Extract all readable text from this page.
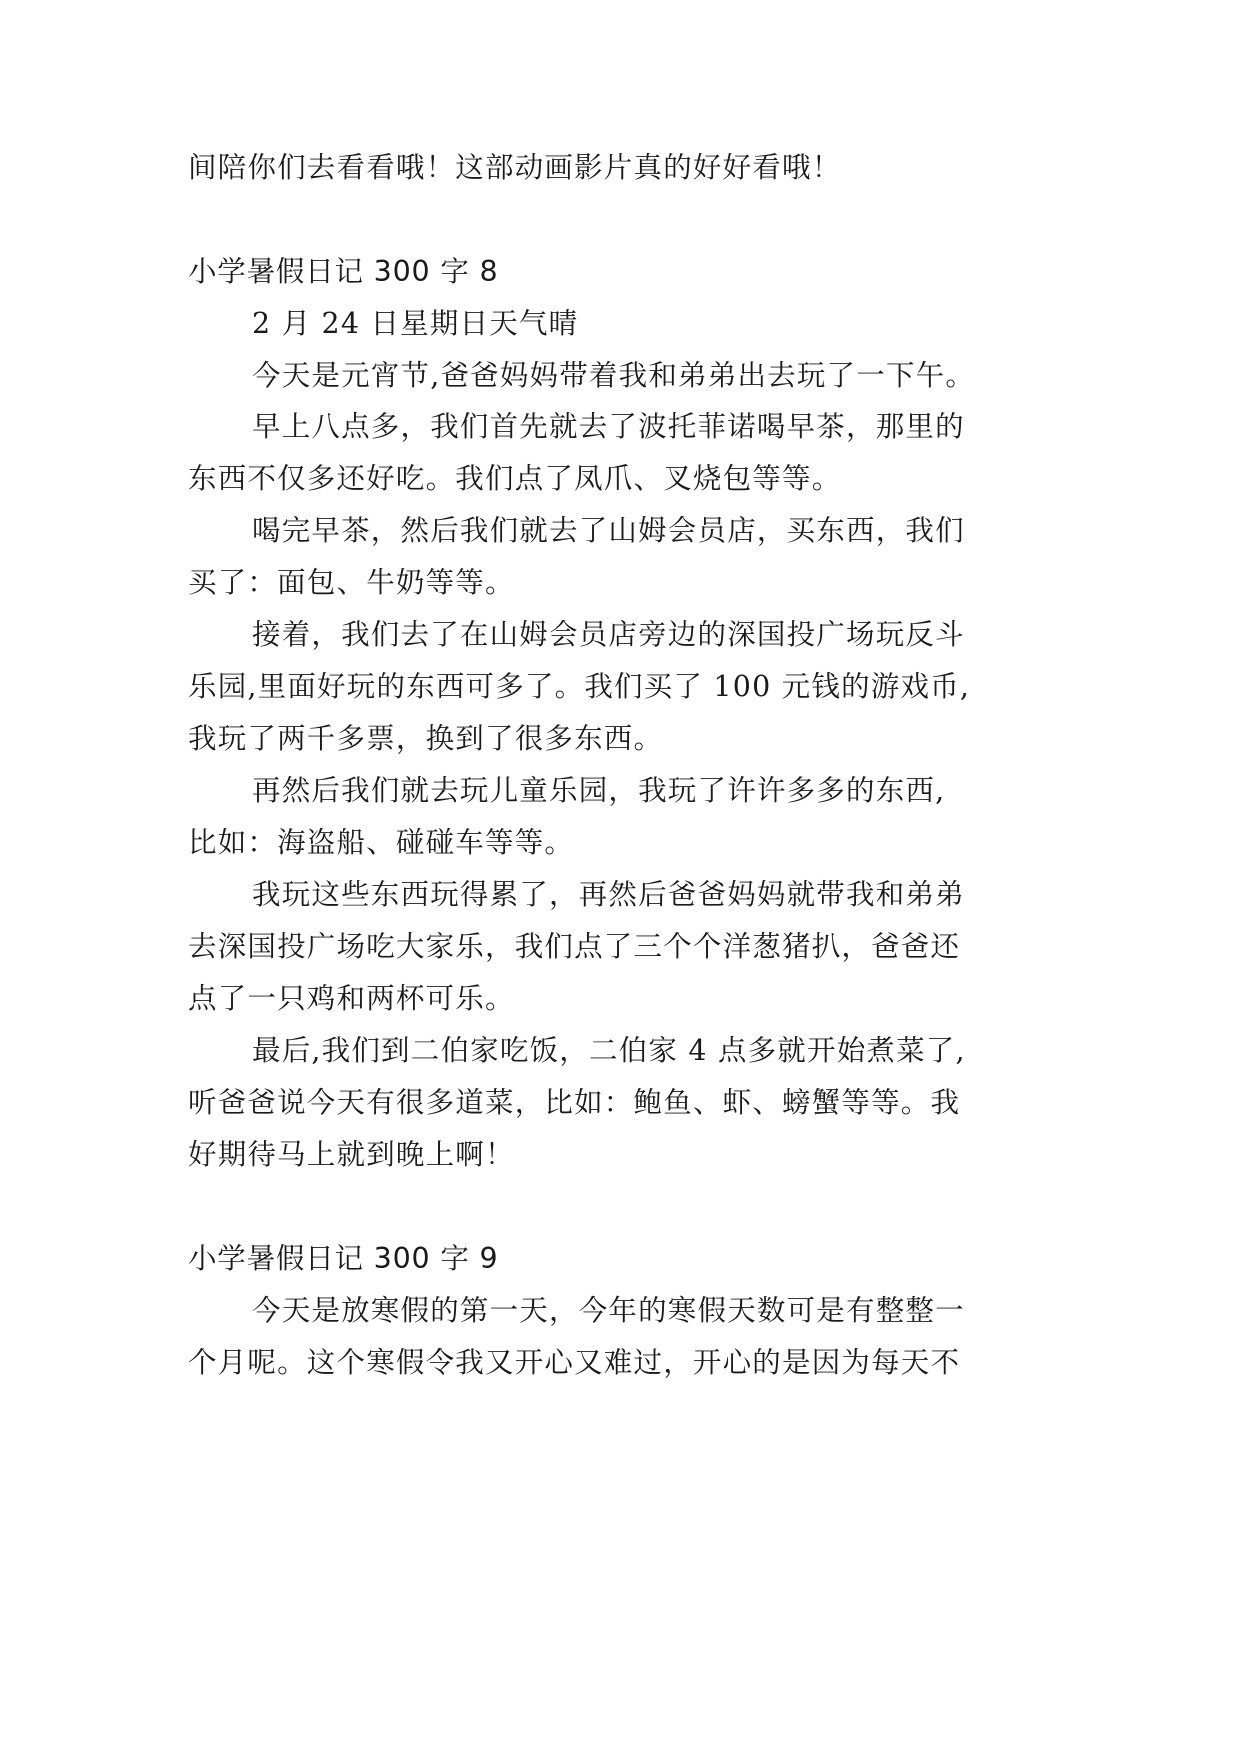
间陪你们去看看哦！这部动画影片真的好好看哦！
小学暑假日记 300 字 8
2 月 24 日星期日天气晴
今天是元宵节,爸爸妈妈带着我和弟弟出去玩了一下午。
早上八点多，我们首先就去了波托菲诺喝早茶，那里的
东西不仅多还好吃。我们点了凤爪、叉烧包等等。
喝完早茶，然后我们就去了山姆会员店，买东西，我们
买了：面包、牛奶等等。
接着，我们去了在山姆会员店旁边的深国投广场玩反斗
乐园,里面好玩的东西可多了。我们买了 100 元钱的游戏币,
我玩了两千多票，换到了很多东西。
再然后我们就去玩儿童乐园，我玩了许许多多的东西,
比如：海盗船、碰碰车等等。
我玩这些东西玩得累了，再然后爸爸妈妈就带我和弟弟
去深国投广场吃大家乐，我们点了三个个洋葱猪扒，爸爸还
点了一只鸡和两杯可乐。
最后,我们到二伯家吃饭，二伯家 4 点多就开始煮菜了,
听爸爸说今天有很多道菜，比如：鲍鱼、虾、螃蟹等等。我
好期待马上就到晚上啊！
小学暑假日记 300 字 9
今天是放寒假的第一天，今年的寒假天数可是有整整一
个月呢。这个寒假令我又开心又难过，开心的是因为每天不
